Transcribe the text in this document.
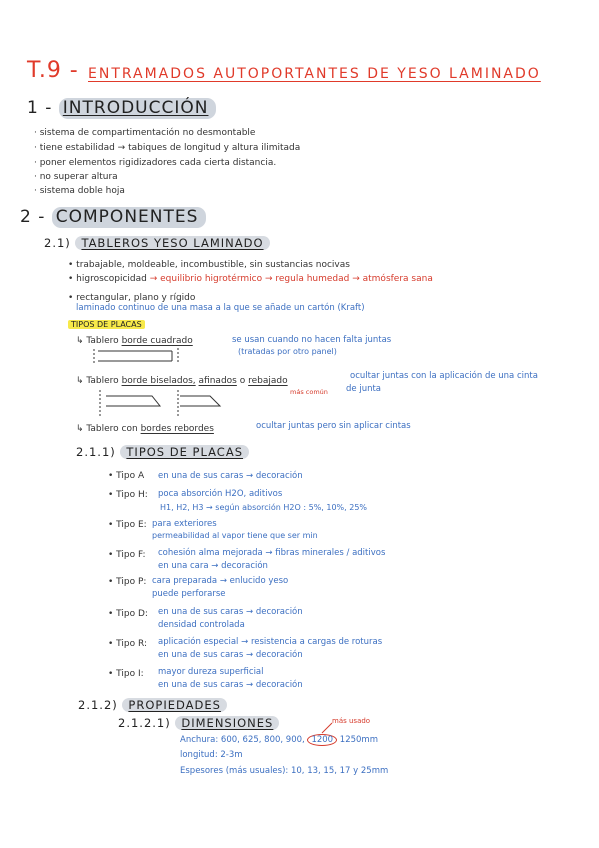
T.9 - ENTRAMADOS AUTOPORTANTES DE YESO LAMINADO
1 - INTRODUCCIÓN
· sistema de compartimentación no desmontable
· tiene estabilidad → tabiques de longitud y altura ilimitada
· poner elementos rigidizadores cada cierta distancia.
· no superar altura
· sistema doble hoja
2 - COMPONENTES
2.1) TABLEROS YESO LAMINADO
• trabajable, moldeable, incombustible, sin sustancias nocivas
• higroscopicidad → equilibrio higrotérmico → regula humedad → atmósfera sana
• rectangular, plano y rígido
laminado continuo de una masa a la que se añade un cartón (Kraft)
TIPOS DE PLACAS
↳ Tablero borde cuadrado	se usan cuando no hacen falta juntas
(tratadas por otro panel)
↳ Tablero borde biselados, afinados o rebajado
más común
ocultar juntas con la aplicación de una cinta
de junta
↳ Tablero con bordes rebordes	ocultar juntas pero sin aplicar cintas
2.1.1) TIPOS DE PLACAS
• Tipo A en una de sus caras → decoración
• Tipo H: poca absorción H2O, aditivos
H1, H2, H3 → según absorción H2O : 5%, 10%, 25%
• Tipo E: para exteriores
permeabilidad al vapor tiene que ser min
• Tipo F: cohesión alma mejorada → fibras minerales / aditivos
en una cara → decoración
• Tipo P: cara preparada → enlucido yeso
puede perforarse
• Tipo D: en una de sus caras → decoración
densidad controlada
• Tipo R: aplicación especial → resistencia a cargas de roturas
en una de sus caras → decoración
• Tipo I: mayor dureza superficial
en una de sus caras → decoración
2.1.2) PROPIEDADES
2.1.2.1) DIMENSIONES	más usado
Anchura: 600, 625, 800, 900, 1200 1250mm
longitud: 2-3m
Espesores (más usuales): 10, 13, 15, 17 y 25mm
